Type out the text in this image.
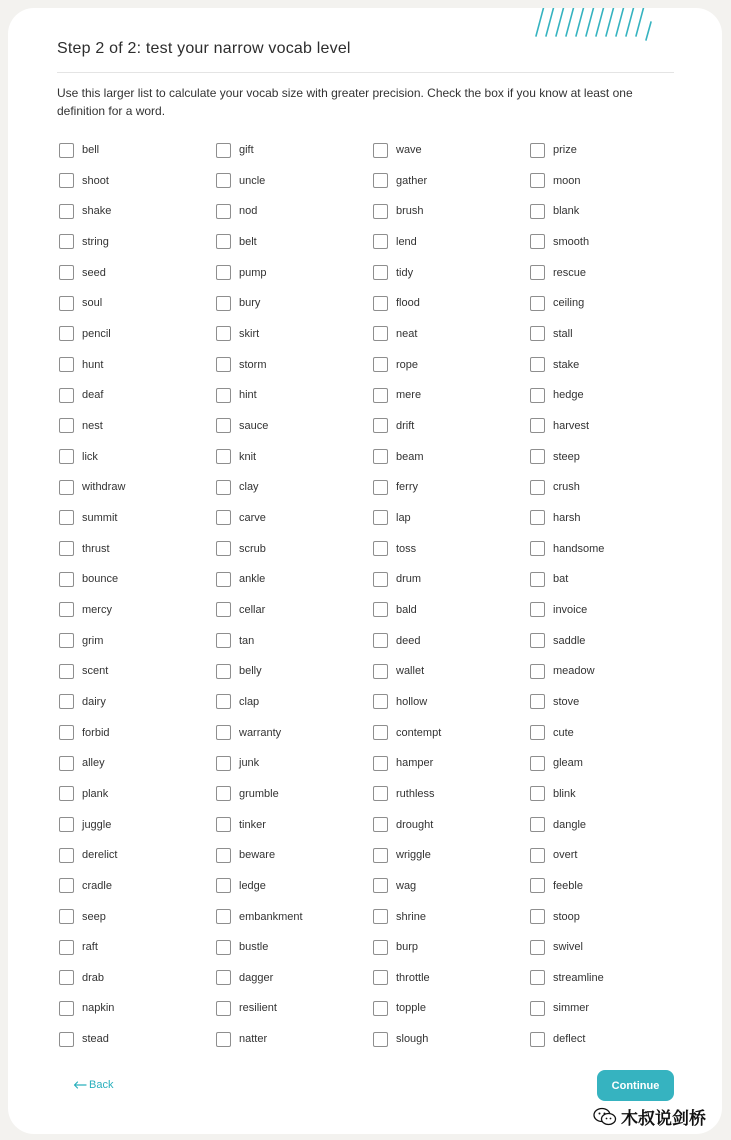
Step 2 of 2: test your narrow vocab level

Use this larger list to calculate your vocab size with greater precision. Check the box if you know at least one definition for a word.

bell
shoot
shake
string
seed
soul
pencil
hunt
deaf
nest
lick
withdraw
summit
thrust
bounce
mercy
grim
scent
dairy
forbid
alley
plank
juggle
derelict
cradle
seep
raft
drab
napkin
stead
gift
uncle
nod
belt
pump
bury
skirt
storm
hint
sauce
knit
clay
carve
scrub
ankle
cellar
tan
belly
clap
warranty
junk
grumble
tinker
beware
ledge
embankment
bustle
dagger
resilient
natter
wave
gather
brush
lend
tidy
flood
neat
rope
mere
drift
beam
ferry
lap
toss
drum
bald
deed
wallet
hollow
contempt
hamper
ruthless
drought
wriggle
wag
shrine
burp
throttle
topple
slough
prize
moon
blank
smooth
rescue
ceiling
stall
stake
hedge
harvest
steep
crush
harsh
handsome
bat
invoice
saddle
meadow
stove
cute
gleam
blink
dangle
overt
feeble
stoop
swivel
streamline
simmer
deflect
Back	Continue
木叔说剑桥
